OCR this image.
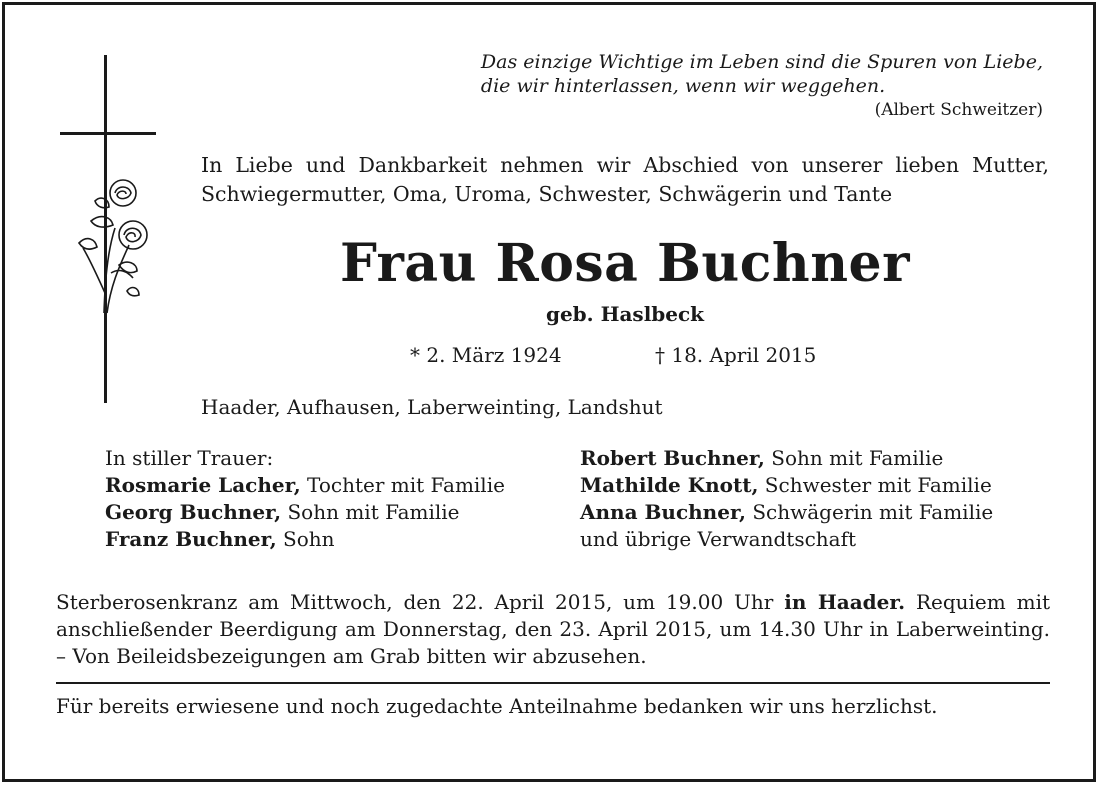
Das einzige Wichtige im Leben sind die Spuren von Liebe,
die wir hinterlassen, wenn wir weggehen.
(Albert Schweitzer)
In Liebe und Dankbarkeit nehmen wir Abschied von unserer lieben Mutter, Schwiegermutter, Oma, Uroma, Schwester, Schwägerin und Tante
Frau Rosa Buchner
geb. Haslbeck
* 2. März 1924	† 18. April 2015
Haader, Aufhausen, Laberweinting, Landshut
In stiller Trauer:
Rosmarie Lacher, Tochter mit Familie
Georg Buchner, Sohn mit Familie
Franz Buchner, Sohn
Robert Buchner, Sohn mit Familie
Mathilde Knott, Schwester mit Familie
Anna Buchner, Schwägerin mit Familie
und übrige Verwandtschaft
Sterberosenkranz am Mittwoch, den 22. April 2015, um 19.00 Uhr in Haader. Requiem mit anschließender Beerdigung am Donnerstag, den 23. April 2015, um 14.30 Uhr in Laberweinting. – Von Beileidsbezeigungen am Grab bitten wir abzusehen.
Für bereits erwiesene und noch zugedachte Anteilnahme bedanken wir uns herzlichst.
